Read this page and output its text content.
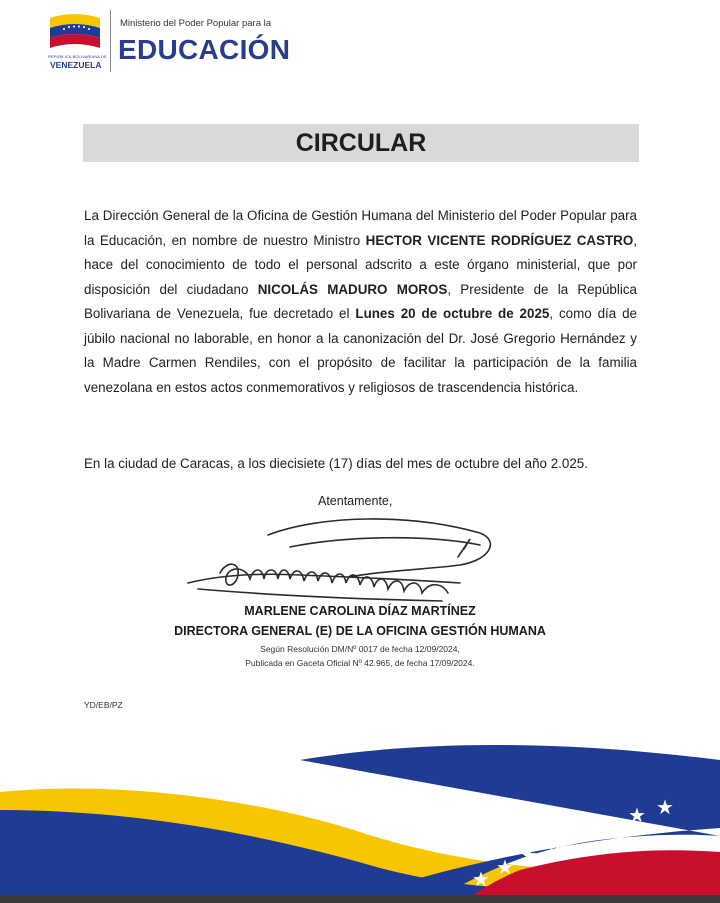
REPÚBLICA BOLIVARIANA DE
VENEZUELA
Ministerio del Poder Popular para la
EDUCACIÓN
CIRCULAR
La Dirección General de la Oficina de Gestión Humana del Ministerio del Poder Popular para la Educación, en nombre de nuestro Ministro HECTOR VICENTE RODRÍGUEZ CASTRO, hace del conocimiento de todo el personal adscrito a este órgano ministerial, que por disposición del ciudadano NICOLÁS MADURO MOROS, Presidente de la República Bolivariana de Venezuela, fue decretado el Lunes 20 de octubre de 2025, como día de júbilo nacional no laborable, en honor a la canonización del Dr. José Gregorio Hernández y la Madre Carmen Rendiles, con el propósito de facilitar la participación de la familia venezolana en estos actos conmemorativos y religiosos de trascendencia histórica.
En la ciudad de Caracas, a los diecisiete (17) días del mes de octubre del año 2.025.
Atentamente,
MARLENE CAROLINA DÍAZ MARTÍNEZ
DIRECTORA GENERAL (E) DE LA OFICINA GESTIÓN HUMANA
Según Resolución DM/Nº 0017 de fecha 12/09/2024,
Publicada en Gaceta Oficial Nº 42.965, de fecha 17/09/2024.
YD/EB/PZ
★ ★ ★ ★ ★ ★ ★ ★
